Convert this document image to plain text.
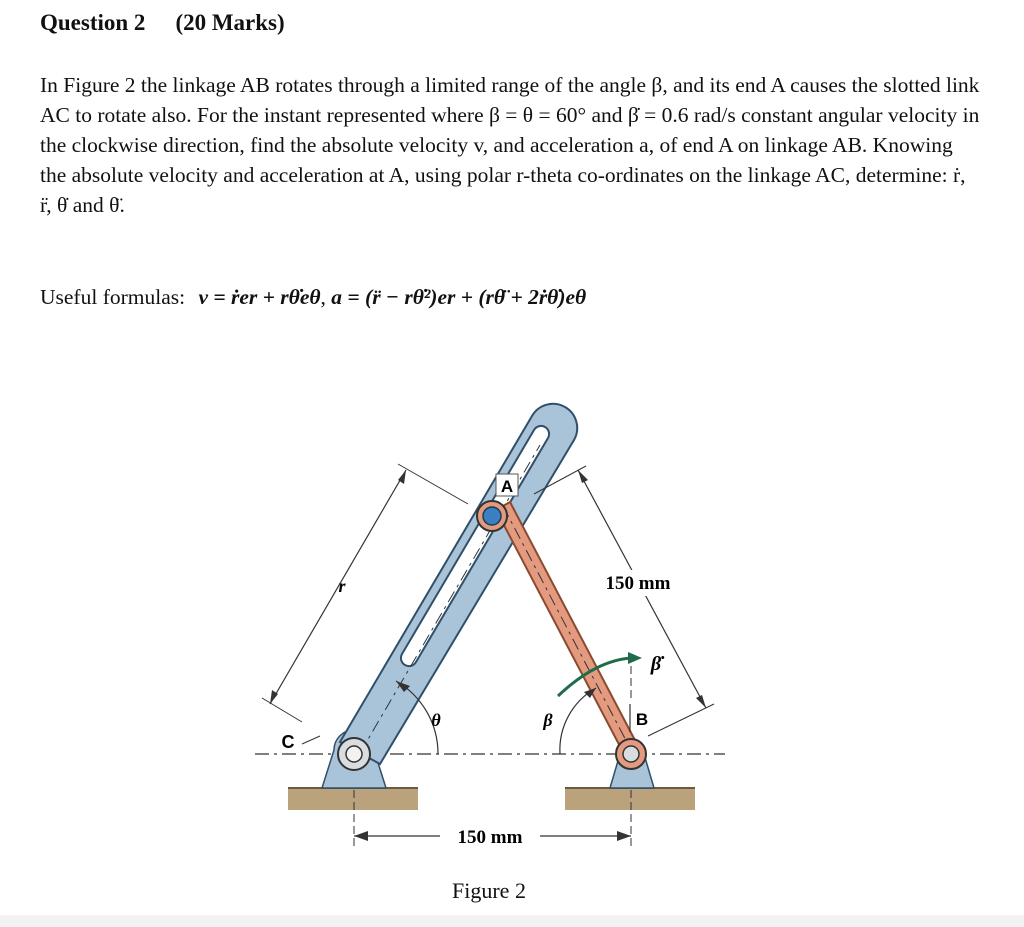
Question 2 (20 Marks)

In Figure 2 the linkage AB rotates through a limited range of the angle β, and its end A causes the slotted link AC to rotate also. For the instant represented where β = θ = 60° and β̇ = 0.6 rad/s constant angular velocity in the clockwise direction, find the absolute velocity v, and acceleration a, of end A on linkage AB. Knowing the absolute velocity and acceleration at A, using polar r-theta co-ordinates on the linkage AC, determine: ṙ, r̈, θ̇ and θ̈.

Useful formulas: v = ṙer + rθ̇eθ, a = (r̈ − rθ̇²)er + (rθ̈ + 2ṙθ̇)eθ
A
B
C
r	150 mm
θ	β
β̇
150 mm
Figure 2
